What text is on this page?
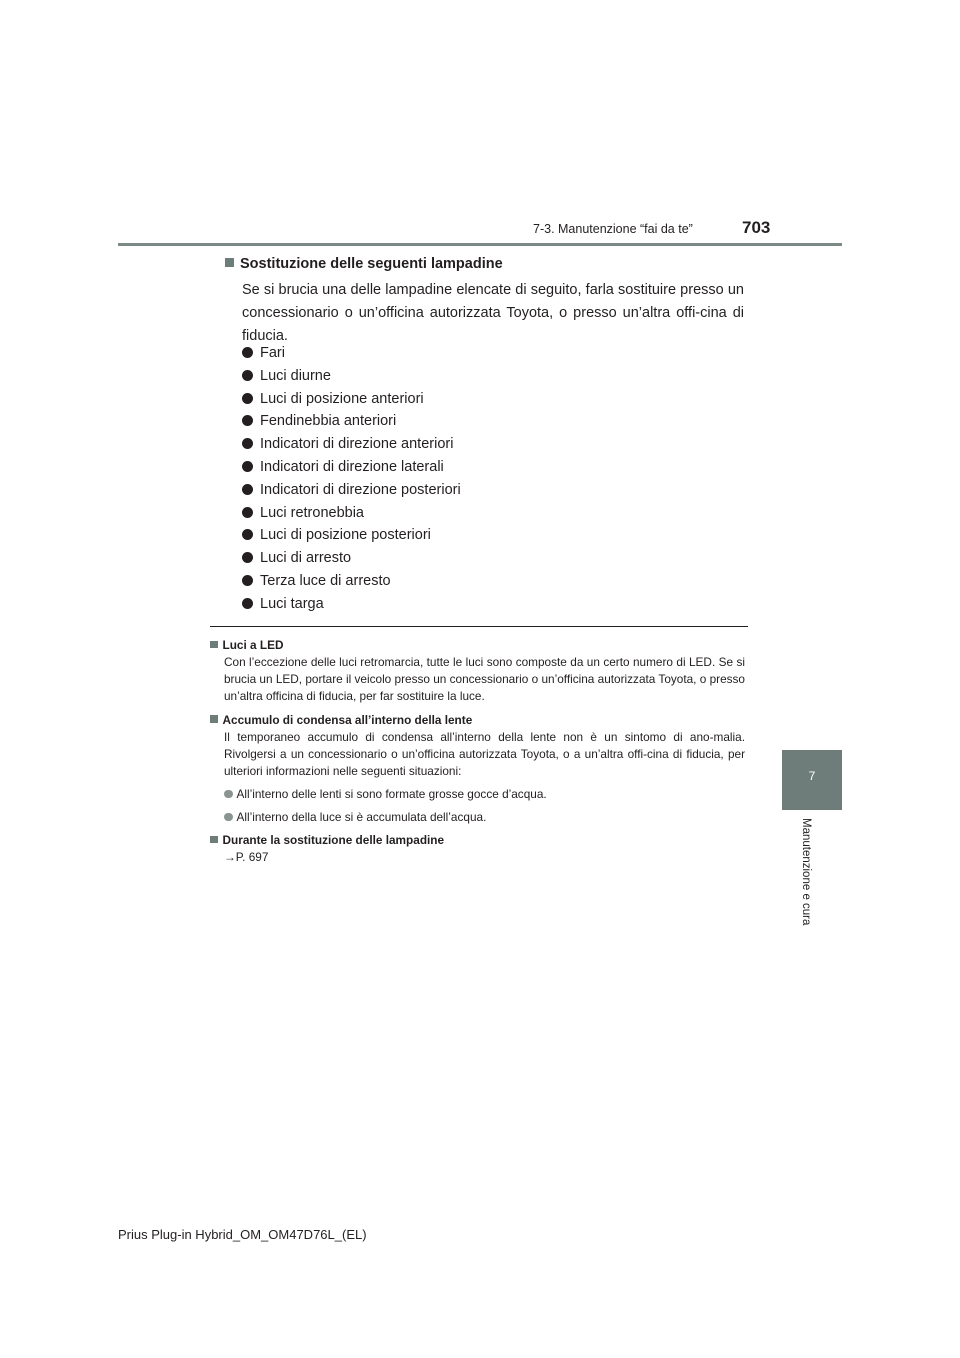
7-3. Manutenzione “fai da te”	703
7
Manutenzione e cura
Sostituzione delle seguenti lampadine
Se si brucia una delle lampadine elencate di seguito, farla sostituire presso un concessionario o un’officina autorizzata Toyota, o presso un’altra offi-cina di fiducia.
Fari
Luci diurne
Luci di posizione anteriori
Fendinebbia anteriori
Indicatori di direzione anteriori
Indicatori di direzione laterali
Indicatori di direzione posteriori
Luci retronebbia
Luci di posizione posteriori
Luci di arresto
Terza luce di arresto
Luci targa
Luci a LED
Con l’eccezione delle luci retromarcia, tutte le luci sono composte da un certo numero di LED. Se si brucia un LED, portare il veicolo presso un concessionario o un’officina autorizzata Toyota, o presso un’altra officina di fiducia, per far sostituire la luce.
Accumulo di condensa all’interno della lente
Il temporaneo accumulo di condensa all’interno della lente non è un sintomo di ano-malia. Rivolgersi a un concessionario o un’officina autorizzata Toyota, o a un’altra offi-cina di fiducia, per ulteriori informazioni nelle seguenti situazioni:
All’interno delle lenti si sono formate grosse gocce d’acqua.
All’interno della luce si è accumulata dell’acqua.
Durante la sostituzione delle lampadine
→P. 697
Prius Plug-in Hybrid_OM_OM47D76L_(EL)
